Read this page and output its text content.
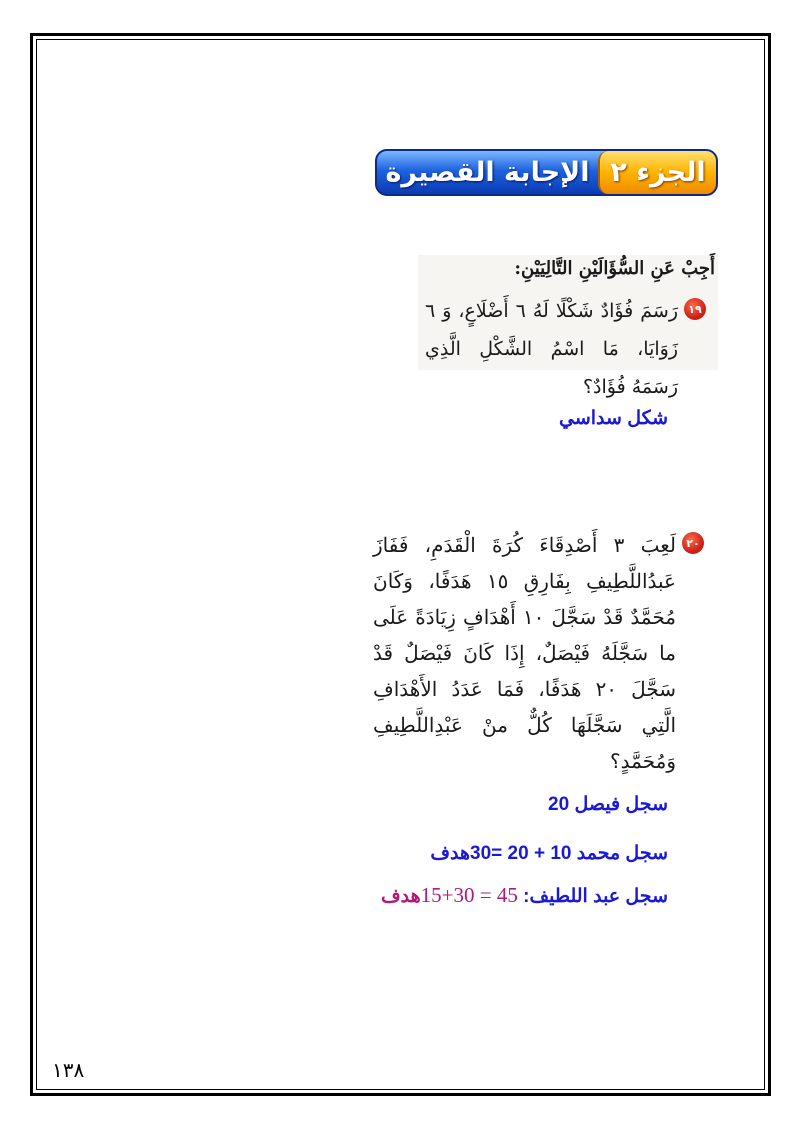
الجزء ٢
الإجابة القصيرة
أَجِبْ عَنِ السُّؤَالَيْنِ التَّالِيَيْنِ:
١٩
رَسَمَ فُؤَادٌ شَكْلًا لَهُ ٦ أَضْلَاعٍ، وَ ٦ زَوَايَا، مَا اسْمُ الشَّكْلِ الَّذِي رَسَمَهُ فُؤَادٌ؟
شكل سداسي
٢٠
لَعِبَ ٣ أَصْدِقَاءَ كُرَةَ الْقَدَمِ، فَفَازَ عَبدُاللَّطِيفِ بِفَارِقِ ١٥ هَدَفًا، وَكَانَ مُحَمَّدٌ قَدْ سَجَّلَ ١٠ أَهْدَافٍ زِيَادَةً عَلَى ما سَجَّلَهُ فَيْصَلٌ، إِذَا كَانَ فَيْصَلٌ قَدْ سَجَّلَ ٢٠ هَدَفًا، فَمَا عَدَدُ الأَهْدَافِ الَّتِي سَجَّلَهَا كُلٌّ منْ عَبْدِاللَّطِيفِ وَمُحَمَّدٍ؟
سجل فيصل 20
سجل محمد 10 + 20 =30هدف
سجل عبد اللطيف: 15+30 = 45هدف
١٣٨
